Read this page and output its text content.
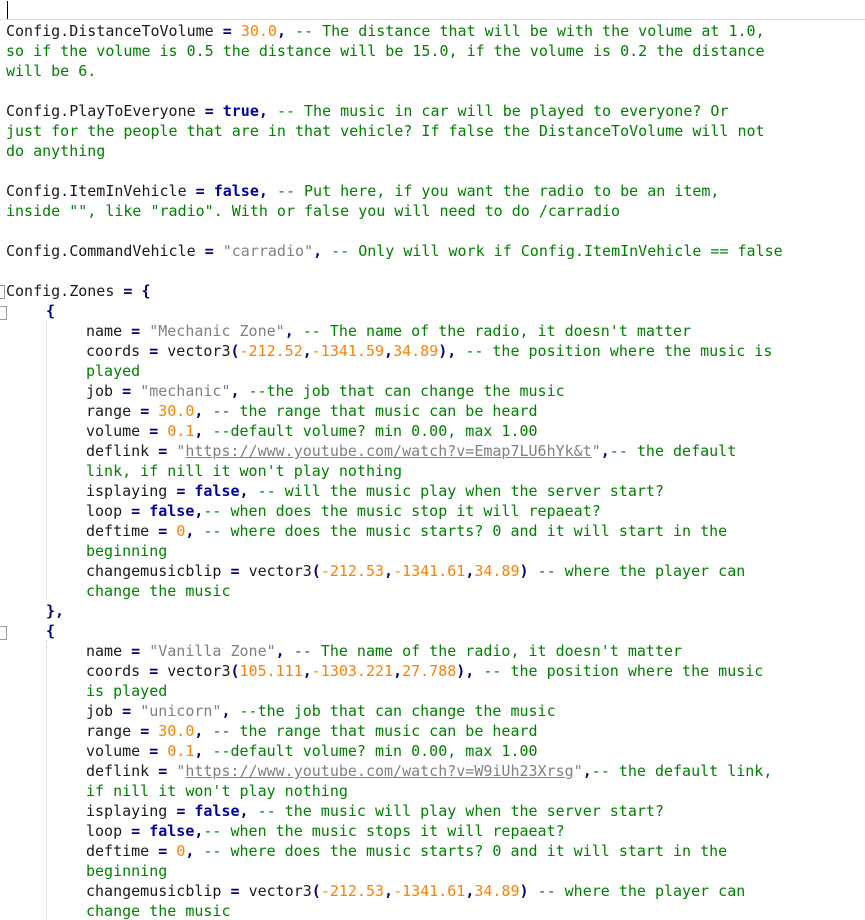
Config.DistanceToVolume = 30.0, -- The distance that will be with the volume at 1.0,
so if the volume is 0.5 the distance will be 15.0, if the volume is 0.2 the distance
will be 6.
Config.PlayToEveryone = true, -- The music in car will be played to everyone? Or
just for the people that are in that vehicle? If false the DistanceToVolume will not
do anything
Config.ItemInVehicle = false, -- Put here, if you want the radio to be an item,
inside "", like "radio". With or false you will need to do /carradio
Config.CommandVehicle = "carradio", -- Only will work if Config.ItemInVehicle == false
Config.Zones = {
{
name = "Mechanic Zone", -- The name of the radio, it doesn't matter
coords = vector3(-212.52,-1341.59,34.89), -- the position where the music is
played
job = "mechanic", --the job that can change the music
range = 30.0, -- the range that music can be heard
volume = 0.1, --default volume? min 0.00, max 1.00
deflink = "https://www.youtube.com/watch?v=Emap7LU6hYk&t",-- the default
link, if nill it won't play nothing
isplaying = false, -- will the music play when the server start?
loop = false,-- when does the music stop it will repaeat?
deftime = 0, -- where does the music starts? 0 and it will start in the
beginning
changemusicblip = vector3(-212.53,-1341.61,34.89) -- where the player can
change the music
},
{
name = "Vanilla Zone", -- The name of the radio, it doesn't matter
coords = vector3(105.111,-1303.221,27.788), -- the position where the music
is played
job = "unicorn", --the job that can change the music
range = 30.0, -- the range that music can be heard
volume = 0.1, --default volume? min 0.00, max 1.00
deflink = "https://www.youtube.com/watch?v=W9iUh23Xrsg",-- the default link,
if nill it won't play nothing
isplaying = false, -- the music will play when the server start?
loop = false,-- when the music stops it will repaeat?
deftime = 0, -- where does the music starts? 0 and it will start in the
beginning
changemusicblip = vector3(-212.53,-1341.61,34.89) -- where the player can
change the music
